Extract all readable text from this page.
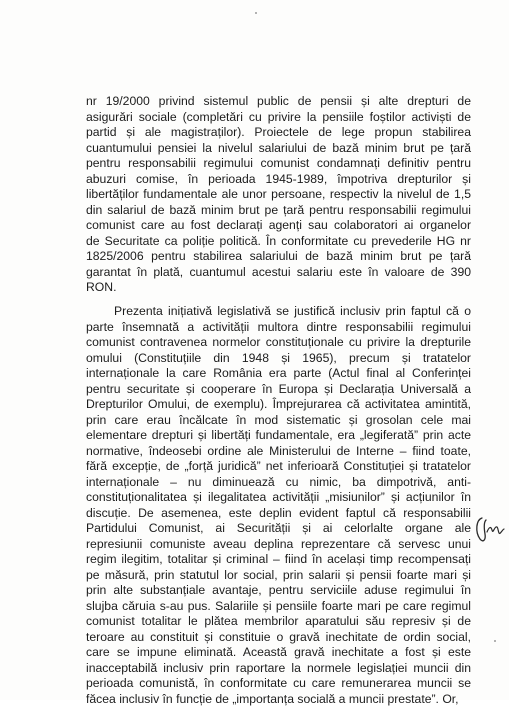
nr 19/2000 privind sistemul public de pensii și alte drepturi de
asigurări sociale (completări cu privire la pensiile foștilor activiști de
partid și ale magistraților). Proiectele de lege propun stabilirea
cuantumului pensiei la nivelul salariului de bază minim brut pe țară
pentru responsabilii regimului comunist condamnați definitiv pentru
abuzuri comise, în perioada 1945-1989, împotriva drepturilor și
libertăților fundamentale ale unor persoane, respectiv la nivelul de 1,5
din salariul de bază minim brut pe țară pentru responsabilii regimului
comunist care au fost declarați agenți sau colaboratori ai organelor
de Securitate ca poliție politică. În conformitate cu prevederile HG nr
1825/2006 pentru stabilirea salariului de bază minim brut pe țară
garantat în plată, cuantumul acestui salariu este în valoare de 390
RON.
Prezenta inițiativă legislativă se justifică inclusiv prin faptul că o
parte însemnată a activității multora dintre responsabilii regimului
comunist contravenea normelor constituționale cu privire la drepturile
omului (Constituțiile din 1948 și 1965), precum și tratatelor
internaționale la care România era parte (Actul final al Conferinței
pentru securitate și cooperare în Europa și Declarația Universală a
Drepturilor Omului, de exemplu). Împrejurarea că activitatea amintită,
prin care erau încălcate în mod sistematic și grosolan cele mai
elementare drepturi și libertăți fundamentale, era „legiferată” prin acte
normative, îndeosebi ordine ale Ministerului de Interne – fiind toate,
fără excepție, de „forță juridică” net inferioară Constituției și tratatelor
internaționale – nu diminuează cu nimic, ba dimpotrivă, anti-
constituționalitatea și ilegalitatea activității „misiunilor” și acțiunilor în
discuție. De asemenea, este deplin evident faptul că responsabilii
Partidului Comunist, ai Securității și ai celorlalte organe ale
represiunii comuniste aveau deplina reprezentare că servesc unui
regim ilegitim, totalitar și criminal – fiind în același timp recompensați
pe măsură, prin statutul lor social, prin salarii și pensii foarte mari și
prin alte substanțiale avantaje, pentru serviciile aduse regimului în
slujba căruia s-au pus. Salariile și pensiile foarte mari pe care regimul
comunist totalitar le plătea membrilor aparatului său represiv și de
teroare au constituit și constituie o gravă inechitate de ordin social,
care se impune eliminată. Această gravă inechitate a fost și este
inacceptabilă inclusiv prin raportare la normele legislației muncii din
perioada comunistă, în conformitate cu care remunerarea muncii se
făcea inclusiv în funcție de „importanța socială a muncii prestate”. Or,
